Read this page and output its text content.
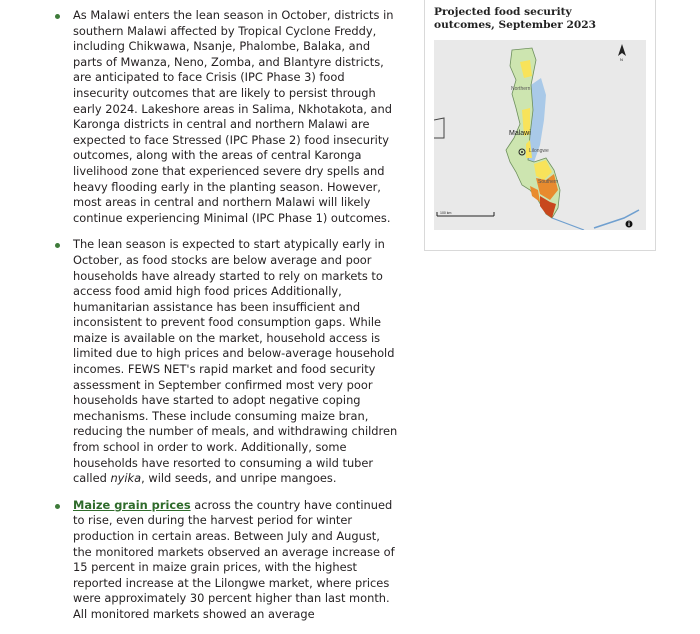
As Malawi enters the lean season in October, districts in southern Malawi affected by Tropical Cyclone Freddy, including Chikwawa, Nsanje, Phalombe, Balaka, and parts of Mwanza, Neno, Zomba, and Blantyre districts, are anticipated to face Crisis (IPC Phase 3) food insecurity outcomes that are likely to persist through early 2024. Lakeshore areas in Salima, Nkhotakota, and Karonga districts in central and northern Malawi are expected to face Stressed (IPC Phase 2) food insecurity outcomes, along with the areas of central Karonga livelihood zone that experienced severe dry spells and heavy flooding early in the planting season. However, most areas in central and northern Malawi will likely continue experiencing Minimal (IPC Phase 1) outcomes.
The lean season is expected to start atypically early in October, as food stocks are below average and poor households have already started to rely on markets to access food amid high food prices Additionally, humanitarian assistance has been insufficient and inconsistent to prevent food consumption gaps. While maize is available on the market, household access is limited due to high prices and below-average household incomes. FEWS NET's rapid market and food security assessment in September confirmed most very poor households have started to adopt negative coping mechanisms. These include consuming maize bran, reducing the number of meals, and withdrawing children from school in order to work. Additionally, some households have resorted to consuming a wild tuber called nyika, wild seeds, and unripe mangoes.
Maize grain prices across the country have continued to rise, even during the harvest period for winter production in certain areas. Between July and August, the monitored markets observed an average increase of 15 percent in maize grain prices, with the highest reported increase at the Lilongwe market, where prices were approximately 30 percent higher than last month. All monitored markets showed an average
Projected food security outcomes, September 2023
Northern
Malawi
Lilongwe
Southern
N
100 km
